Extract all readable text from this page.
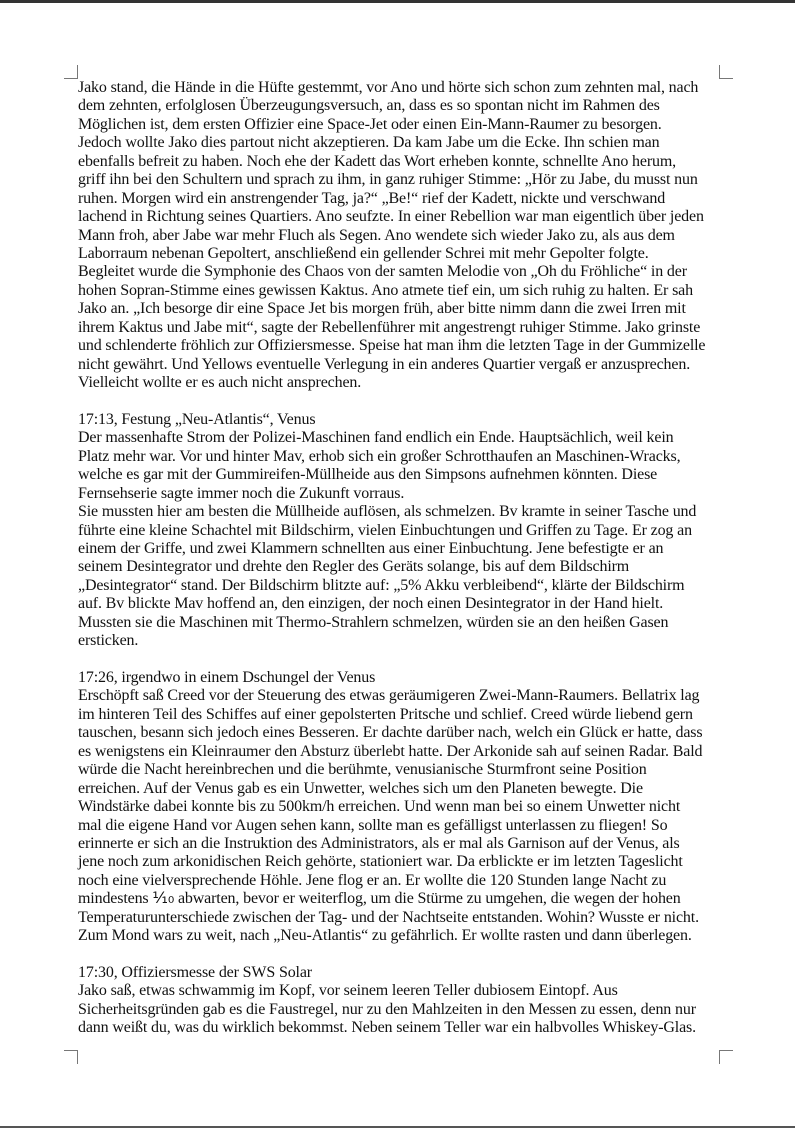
Jako stand, die Hände in die Hüfte gestemmt, vor Ano und hörte sich schon zum zehnten mal, nach
dem zehnten, erfolglosen Überzeugungsversuch, an, dass es so spontan nicht im Rahmen des
Möglichen ist, dem ersten Offizier eine Space-Jet oder einen Ein-Mann-Raumer zu besorgen.
Jedoch wollte Jako dies partout nicht akzeptieren. Da kam Jabe um die Ecke. Ihn schien man
ebenfalls befreit zu haben. Noch ehe der Kadett das Wort erheben konnte, schnellte Ano herum,
griff ihn bei den Schultern und sprach zu ihm, in ganz ruhiger Stimme: „Hör zu Jabe, du musst nun
ruhen. Morgen wird ein anstrengender Tag, ja?“ „Be!“ rief der Kadett, nickte und verschwand
lachend in Richtung seines Quartiers. Ano seufzte. In einer Rebellion war man eigentlich über jeden
Mann froh, aber Jabe war mehr Fluch als Segen. Ano wendete sich wieder Jako zu, als aus dem
Laborraum nebenan Gepoltert, anschließend ein gellender Schrei mit mehr Gepolter folgte.
Begleitet wurde die Symphonie des Chaos von der samten Melodie von „Oh du Fröhliche“ in der
hohen Sopran-Stimme eines gewissen Kaktus. Ano atmete tief ein, um sich ruhig zu halten. Er sah
Jako an. „Ich besorge dir eine Space Jet bis morgen früh, aber bitte nimm dann die zwei Irren mit
ihrem Kaktus und Jabe mit“, sagte der Rebellenführer mit angestrengt ruhiger Stimme. Jako grinste
und schlenderte fröhlich zur Offiziersmesse. Speise hat man ihm die letzten Tage in der Gummizelle
nicht gewährt. Und Yellows eventuelle Verlegung in ein anderes Quartier vergaß er anzusprechen.
Vielleicht wollte er es auch nicht ansprechen.
17:13, Festung „Neu-Atlantis“, Venus
Der massenhafte Strom der Polizei-Maschinen fand endlich ein Ende. Hauptsächlich, weil kein
Platz mehr war. Vor und hinter Mav, erhob sich ein großer Schrotthaufen an Maschinen-Wracks,
welche es gar mit der Gummireifen-Müllheide aus den Simpsons aufnehmen könnten. Diese
Fernsehserie sagte immer noch die Zukunft vorraus.
Sie mussten hier am besten die Müllheide auflösen, als schmelzen. Bv kramte in seiner Tasche und
führte eine kleine Schachtel mit Bildschirm, vielen Einbuchtungen und Griffen zu Tage. Er zog an
einem der Griffe, und zwei Klammern schnellten aus einer Einbuchtung. Jene befestigte er an
seinem Desintegrator und drehte den Regler des Geräts solange, bis auf dem Bildschirm
„Desintegrator“ stand. Der Bildschirm blitzte auf: „5% Akku verbleibend“, klärte der Bildschirm
auf. Bv blickte Mav hoffend an, den einzigen, der noch einen Desintegrator in der Hand hielt.
Mussten sie die Maschinen mit Thermo-Strahlern schmelzen, würden sie an den heißen Gasen
ersticken.
17:26, irgendwo in einem Dschungel der Venus
Erschöpft saß Creed vor der Steuerung des etwas geräumigeren Zwei-Mann-Raumers. Bellatrix lag
im hinteren Teil des Schiffes auf einer gepolsterten Pritsche und schlief. Creed würde liebend gern
tauschen, besann sich jedoch eines Besseren. Er dachte darüber nach, welch ein Glück er hatte, dass
es wenigstens ein Kleinraumer den Absturz überlebt hatte. Der Arkonide sah auf seinen Radar. Bald
würde die Nacht hereinbrechen und die berühmte, venusianische Sturmfront seine Position
erreichen. Auf der Venus gab es ein Unwetter, welches sich um den Planeten bewegte. Die
Windstärke dabei konnte bis zu 500km/h erreichen. Und wenn man bei so einem Unwetter nicht
mal die eigene Hand vor Augen sehen kann, sollte man es gefälligst unterlassen zu fliegen! So
erinnerte er sich an die Instruktion des Administrators, als er mal als Garnison auf der Venus, als
jene noch zum arkonidischen Reich gehörte, stationiert war. Da erblickte er im letzten Tageslicht
noch eine vielversprechende Höhle. Jene flog er an. Er wollte die 120 Stunden lange Nacht zu
mindestens ⅒ abwarten, bevor er weiterflog, um die Stürme zu umgehen, die wegen der hohen
Temperaturunterschiede zwischen der Tag- und der Nachtseite entstanden. Wohin? Wusste er nicht.
Zum Mond wars zu weit, nach „Neu-Atlantis“ zu gefährlich. Er wollte rasten und dann überlegen.
17:30, Offiziersmesse der SWS Solar
Jako saß, etwas schwammig im Kopf, vor seinem leeren Teller dubiosem Eintopf. Aus
Sicherheitsgründen gab es die Faustregel, nur zu den Mahlzeiten in den Messen zu essen, denn nur
dann weißt du, was du wirklich bekommst. Neben seinem Teller war ein halbvolles Whiskey-Glas.
